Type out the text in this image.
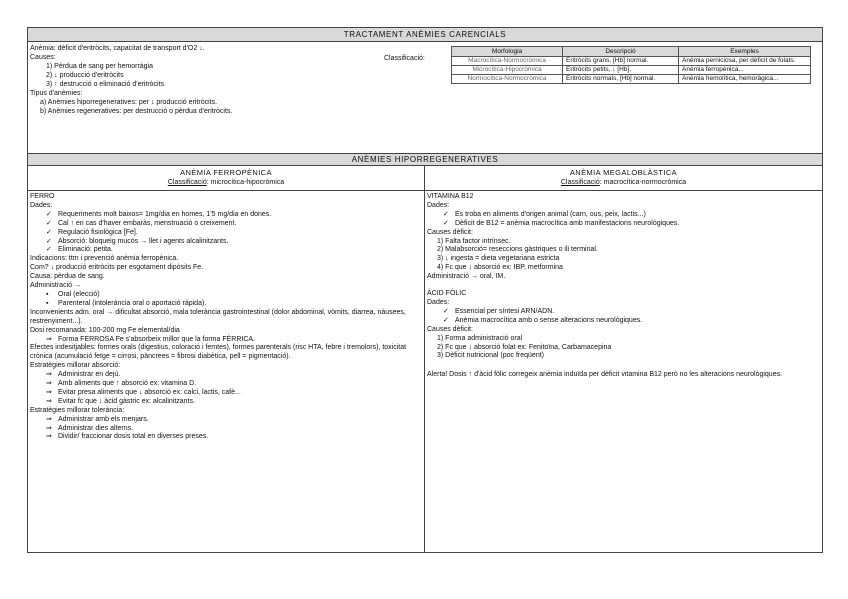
TRACTAMENT ANÈMIES CARENCIALS
Anèmia: dèficit d'eritròcits, capacitat de transport d'O2 ↓.
Causes:
1) Pèrdua de sang per hemorràgia
2) ↓ producció d'eritròcits
3) ↑ destrucció o eliminació d'eritròcits
Tipus d'anèmies:
a) Anèmies hiporregeneratives: per ↓ producció eritròcits.
b) Anèmies regeneratives: per destrucció o pèrdua d'eritròcits.
Classificació:
Morfologia	Descripció	Exemples
Macrocítica-Normocròmica	Eritròcits grans, [Hb] normal.	Anèmia perniciosa, per dèficit de folats.
Microcítica-Hipocròmica	Eritròcits petits, ↓ [Hb].	Anèmia ferropènica...
Normocítica-Normocròmica	Eritròcits normals, [Hb] normal.	Anèmia hemolítica, hemoràgica...
ANÈMIES HIPORREGENERATIVES
ANÈMIA FERROPÈNICA
Classificació: microcítica-hipocròmica
ANÈMIA MEGALOBLÀSTICA
Classificació: macrocítica-normocròmica
FERRO
Dades:
✓ Requeriments molt baixos= 1mg/dia en homes, 1'5 mg/dia en dones.
✓ Cal ↑ en cas d'haver embaràs, menstruació o creixement.
✓ Regulació fisiològica [Fe].
✓ Absorció: bloqueig mucós → llet i agents alcalinitzants.
✓ Eliminació: petita.
Indicacions: ttm i prevenció anèmia ferropènica.
Com? ↓ producció eritròcits per esgotament dipòsits Fe.
Causa: pèrdua de sang.
Administració →
▪ Oral (elecció)
▪ Parenteral (intolerància oral o aportació ràpida).
Inconvenients adm. oral → dificultat absorció, mala tolerància gastrointestinal (dolor abdominal, vòmits, diarrea, nàusees, restrenyiment...).
Dosi recomanada: 100-200 mg Fe elemental/dia
⇒ Forma FERROSA Fe s'absorbeix millor que la forma FÈRRICA.
Efectes indesitjables: formes orals (digestius, coloració i femtes), formes parenterals (risc HTA, febre i tremolors), toxicitat crònica (acumulació fetge = cirrosi, pàncrees = fibrosi diabètica, pell = pigmentació).
Estratègies millorar absorció:
⇒ Administrar en dejú.
⇒ Amb aliments que ↑ absorció ex: vitamina D.
⇒ Evitar presa aliments que ↓ absorció ex: calci, lactis, cafè...
⇒ Evitar fc que ↓ àcid gàstric ex: alcalinitzants.
Estratègies millorar tolerància:
⇒ Administrar amb els menjars.
⇒ Administrar dies alterns.
⇒ Dividir/ fraccionar dosis total en diverses preses.
VITAMINA B12
Dades:
✓ Es troba en aliments d'origen animal (carn, ous, peix, lactis...)
✓ Dèficit de B12 = anèmia macrocítica amb manifestacions neurològiques.
Causes dèficit:
1) Falta factor intrínsec.
2) Malabsorció= reseccions gàstriques o ili terminal.
3) ↓ ingesta = dieta vegetariana estricta
4) Fc que ↓ absorció ex: IBP, metformina
Administració → oral, IM.
ÀCID FÒLIC
Dades:
✓ Essencial per síntesi ARN/ADN.
✓ Anèmia macrocítica amb o sense alteracions neurològiques.
Causes dèficit:
1) Forma administració oral
2) Fc que ↓ absorció folat ex: Fenitoïna, Carbamacepina
3) Dèficit nutricional (poc freqüent)
Alerta! Dosis ↑ d'àcid fòlic corregeix anèmia induïda per dèficit vitamina B12 però no les alteracions neurològiques.
